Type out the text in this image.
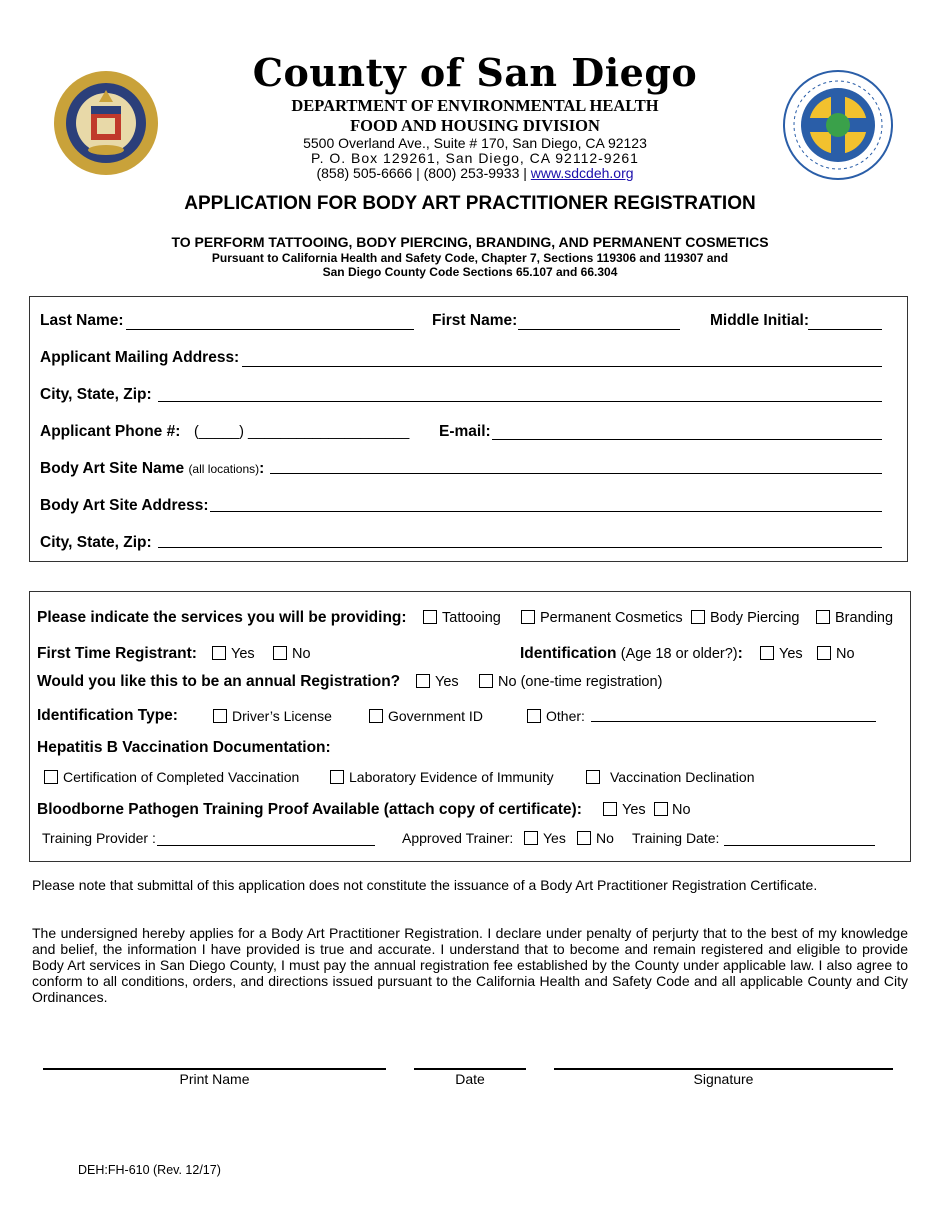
County of San Diego
DEPARTMENT OF ENVIRONMENTAL HEALTH
FOOD AND HOUSING DIVISION
5500 Overland Ave., Suite # 170, San Diego, CA 92123
P. O. Box 129261, San Diego, CA 92112-9261
(858) 505-6666 | (800) 253-9933 | www.sdcdeh.org
APPLICATION FOR BODY ART PRACTITIONER REGISTRATION
TO PERFORM TATTOOING, BODY PIERCING, BRANDING, AND PERMANENT COSMETICS
Pursuant to California Health and Safety Code, Chapter 7, Sections 119306 and 119307 and
San Diego County Code Sections 65.107 and 66.304
Last Name:	First Name:	Middle Initial:
Applicant Mailing Address:
City, State, Zip:
Applicant Phone #: (_____) ____________________ E-mail:
Body Art Site Name (all locations):
Body Art Site Address:
City, State, Zip:
Please indicate the services you will be providing:	Tattooing	Permanent Cosmetics	Body Piercing	Branding
First Time Registrant:	Yes	No	Identification (Age 18 or older?):	Yes	No
Would you like this to be an annual Registration?	Yes	No (one-time registration)
Identification Type:	Driver’s License	Government ID	Other:
Hepatitis B Vaccination Documentation:
Certification of Completed Vaccination	Laboratory Evidence of Immunity	Vaccination Declination
Bloodborne Pathogen Training Proof Available (attach copy of certificate):	Yes	No
Training Provider :	Approved Trainer:	Yes	No Training Date:
Please note that submittal of this application does not constitute the issuance of a Body Art Practitioner Registration Certificate.
The undersigned hereby applies for a Body Art Practitioner Registration. I declare under penalty of perjurty that to the best of my knowledge and belief, the information I have provided is true and accurate. I understand that to become and remain registered and eligible to provide Body Art services in San Diego County, I must pay the annual registration fee established by the County under applicable law. I also agree to conform to all conditions, orders, and directions issued pursuant to the California Health and Safety Code and all applicable County and City Ordinances.
Print Name	Date	Signature
DEH:FH-610 (Rev. 12/17)
